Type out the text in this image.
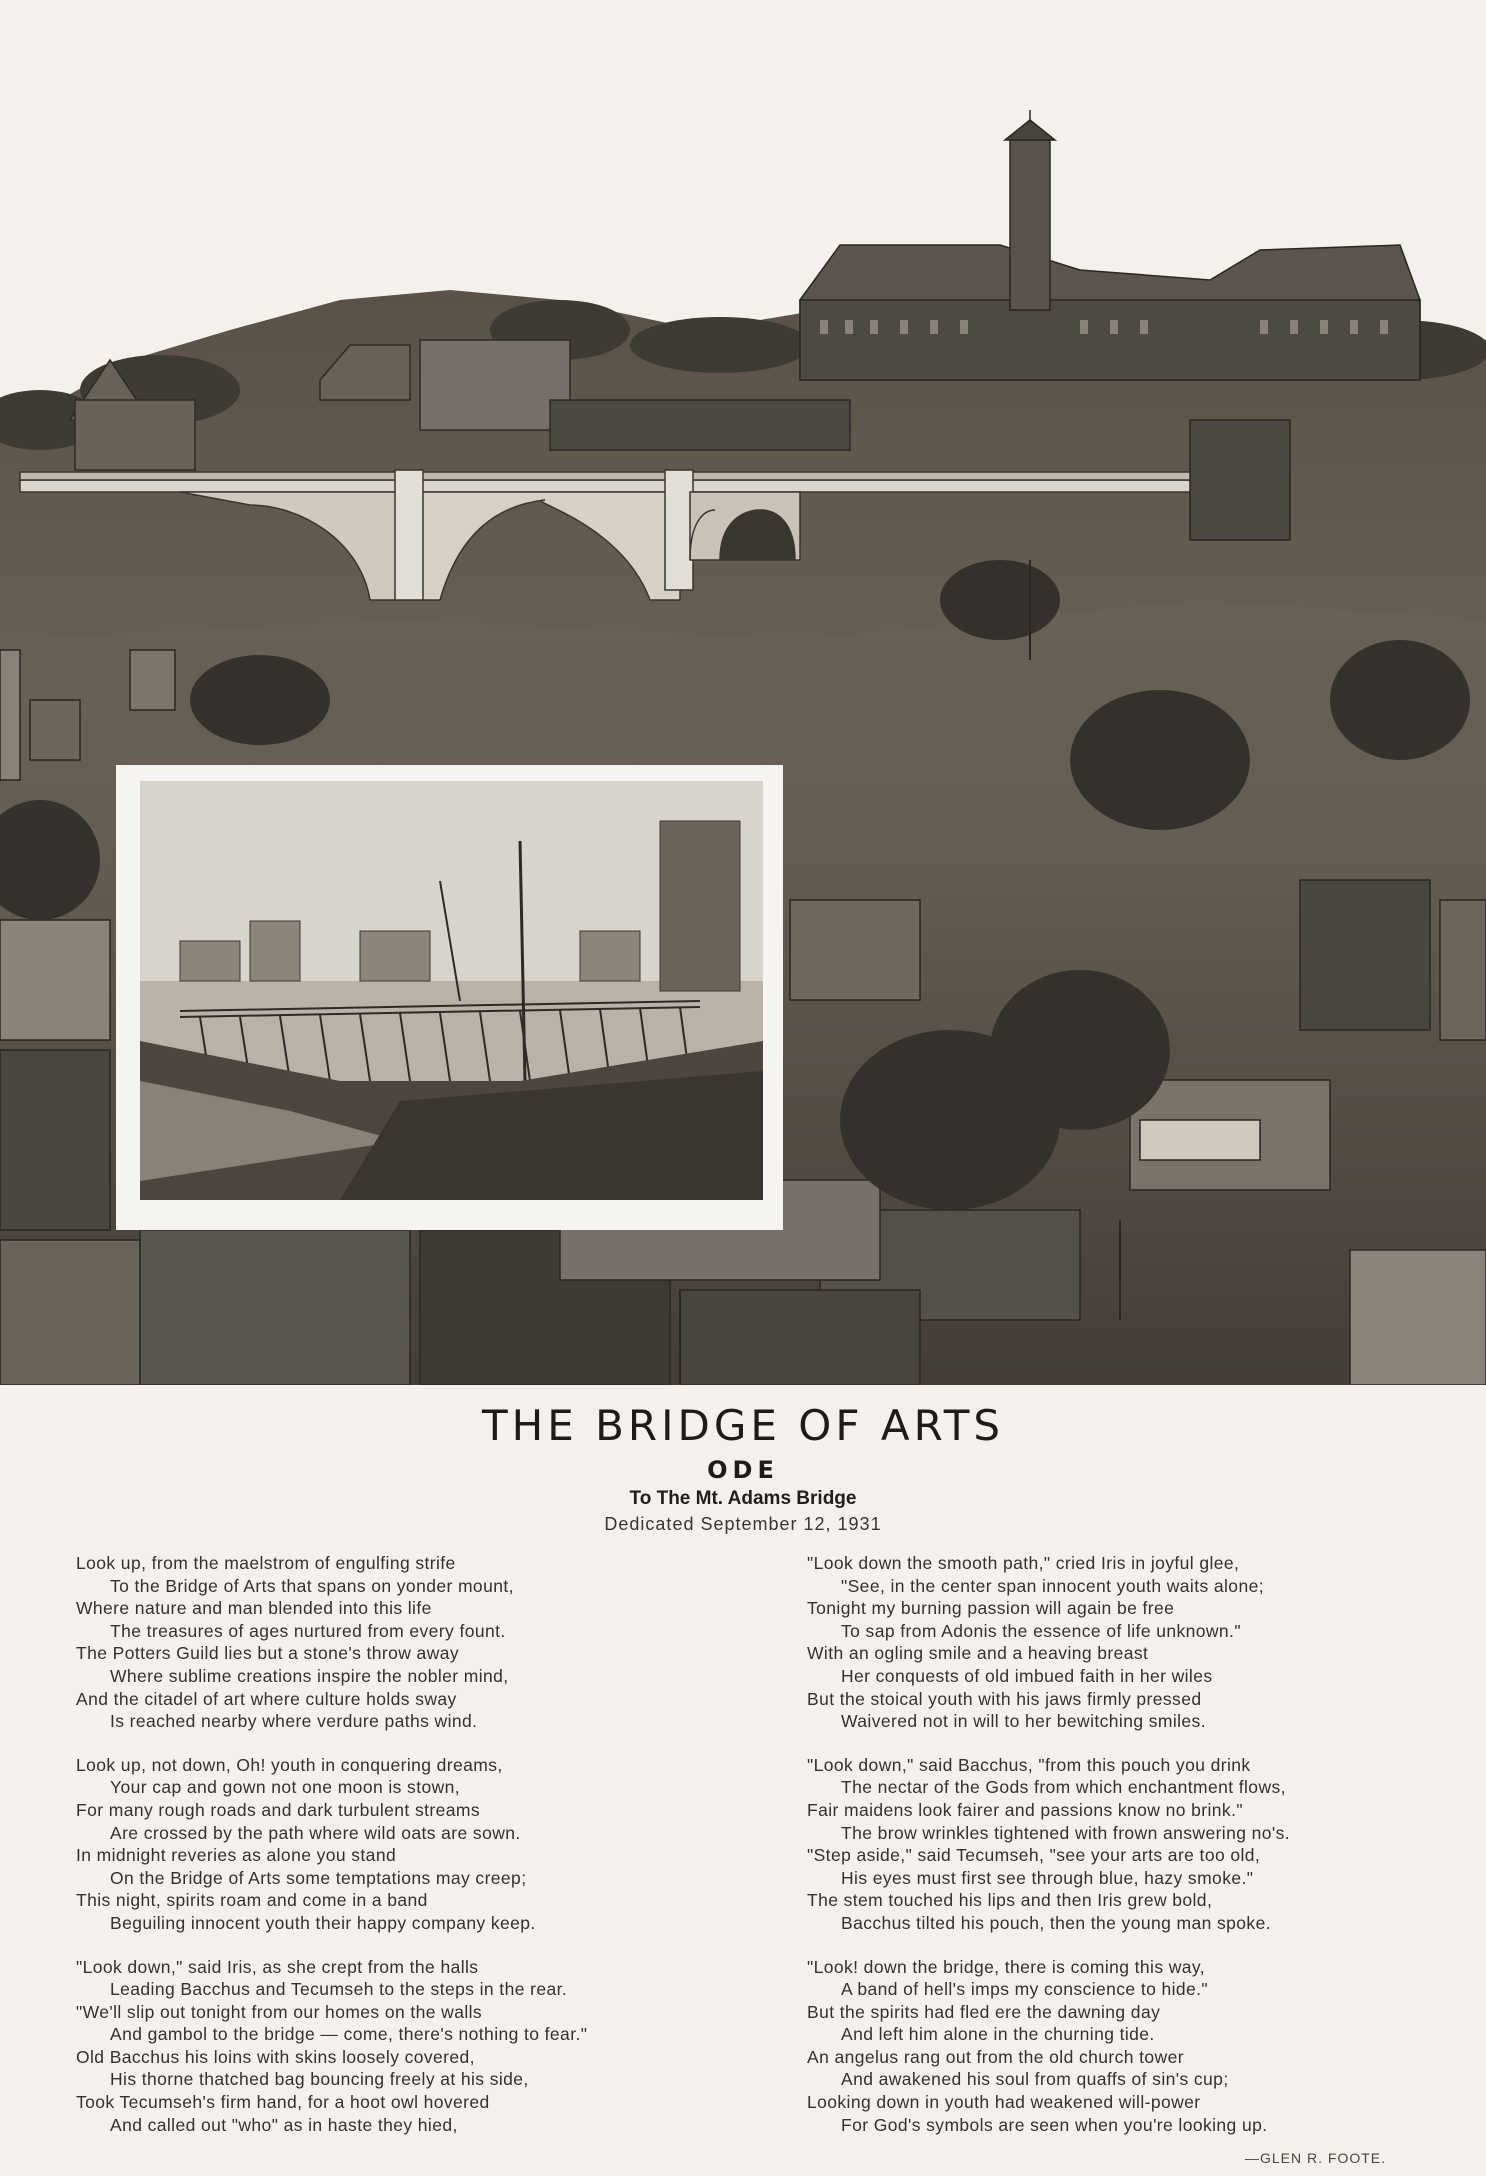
THE BRIDGE OF ARTS
ODE
To The Mt. Adams Bridge
Dedicated September 12, 1931
Look up, from the maelstrom of engulfing strife
To the Bridge of Arts that spans on yonder mount,
Where nature and man blended into this life
The treasures of ages nurtured from every fount.
The Potters Guild lies but a stone's throw away
Where sublime creations inspire the nobler mind,
And the citadel of art where culture holds sway
Is reached nearby where verdure paths wind.
Look up, not down, Oh! youth in conquering dreams,
Your cap and gown not one moon is stown,
For many rough roads and dark turbulent streams
Are crossed by the path where wild oats are sown.
In midnight reveries as alone you stand
On the Bridge of Arts some temptations may creep;
This night, spirits roam and come in a band
Beguiling innocent youth their happy company keep.
"Look down," said Iris, as she crept from the halls
Leading Bacchus and Tecumseh to the steps in the rear.
"We'll slip out tonight from our homes on the walls
And gambol to the bridge — come, there's nothing to fear."
Old Bacchus his loins with skins loosely covered,
His thorne thatched bag bouncing freely at his side,
Took Tecumseh's firm hand, for a hoot owl hovered
And called out "who" as in haste they hied,
"Look down the smooth path," cried Iris in joyful glee,
"See, in the center span innocent youth waits alone;
Tonight my burning passion will again be free
To sap from Adonis the essence of life unknown."
With an ogling smile and a heaving breast
Her conquests of old imbued faith in her wiles
But the stoical youth with his jaws firmly pressed
Waivered not in will to her bewitching smiles.
"Look down," said Bacchus, "from this pouch you drink
The nectar of the Gods from which enchantment flows,
Fair maidens look fairer and passions know no brink."
The brow wrinkles tightened with frown answering no's.
"Step aside," said Tecumseh, "see your arts are too old,
His eyes must first see through blue, hazy smoke."
The stem touched his lips and then Iris grew bold,
Bacchus tilted his pouch, then the young man spoke.
"Look! down the bridge, there is coming this way,
A band of hell's imps my conscience to hide."
But the spirits had fled ere the dawning day
And left him alone in the churning tide.
An angelus rang out from the old church tower
And awakened his soul from quaffs of sin's cup;
Looking down in youth had weakened will-power
For God's symbols are seen when you're looking up.
—GLEN R. FOOTE.
